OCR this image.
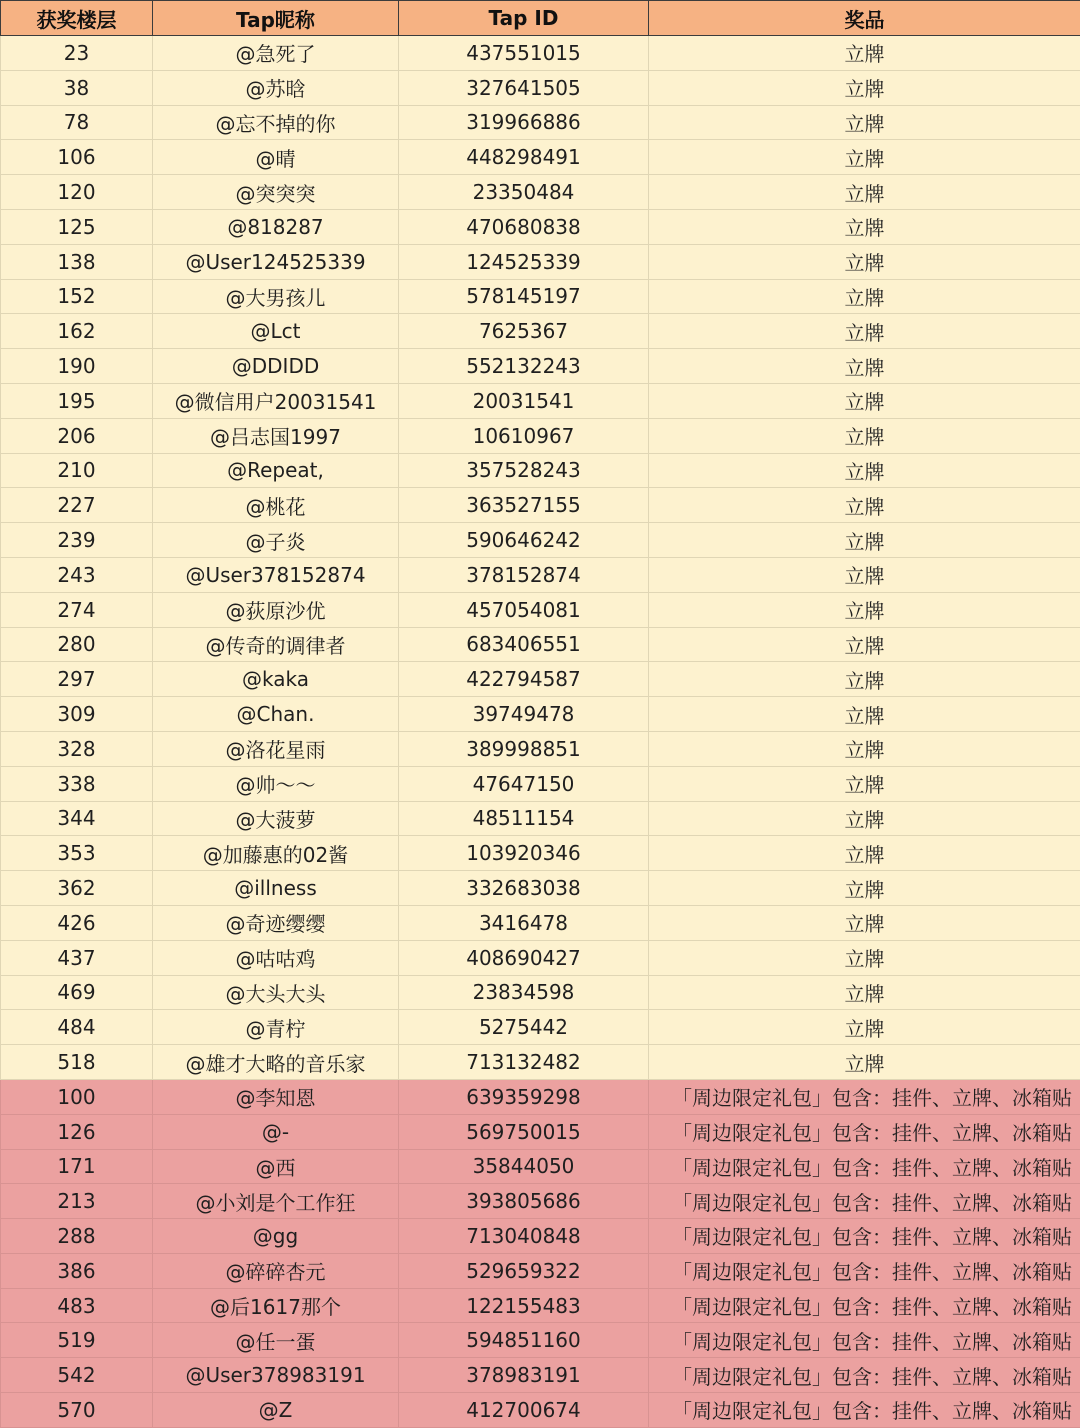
获奖楼层	Tap昵称	Tap ID	奖品
23	@急死了	437551015	立牌
38	@苏晗	327641505	立牌
78	@忘不掉的你	319966886	立牌
106	@晴	448298491	立牌
120	@突突突	23350484	立牌
125	@818287	470680838	立牌
138	@User124525339	124525339	立牌
152	@大男孩儿	578145197	立牌
162	@Lct	7625367	立牌
190	@DDIDD	552132243	立牌
195	@微信用户20031541	20031541	立牌
206	@吕志国1997	10610967	立牌
210	@Repeat,	357528243	立牌
227	@桃花	363527155	立牌
239	@子炎	590646242	立牌
243	@User378152874	378152874	立牌
274	@荻原沙优	457054081	立牌
280	@传奇的调律者	683406551	立牌
297	@kaka	422794587	立牌
309	@Chan.	39749478	立牌
328	@洛花星雨	389998851	立牌
338	@帅～～	47647150	立牌
344	@大菠萝	48511154	立牌
353	@加藤惠的02酱	103920346	立牌
362	@illness	332683038	立牌
426	@奇迹缨缨	3416478	立牌
437	@咕咕鸡	408690427	立牌
469	@大头大头	23834598	立牌
484	@青柠	5275442	立牌
518	@雄才大略的音乐家	713132482	立牌
100	@李知恩	639359298	「周边限定礼包」包含：挂件、立牌、冰箱贴
126	@-	569750015	「周边限定礼包」包含：挂件、立牌、冰箱贴
171	@西	35844050	「周边限定礼包」包含：挂件、立牌、冰箱贴
213	@小刘是个工作狂	393805686	「周边限定礼包」包含：挂件、立牌、冰箱贴
288	@gg	713040848	「周边限定礼包」包含：挂件、立牌、冰箱贴
386	@碎碎杏元	529659322	「周边限定礼包」包含：挂件、立牌、冰箱贴
483	@后1617那个	122155483	「周边限定礼包」包含：挂件、立牌、冰箱贴
519	@任一蛋	594851160	「周边限定礼包」包含：挂件、立牌、冰箱贴
542	@User378983191	378983191	「周边限定礼包」包含：挂件、立牌、冰箱贴
570	@Z	412700674	「周边限定礼包」包含：挂件、立牌、冰箱贴
